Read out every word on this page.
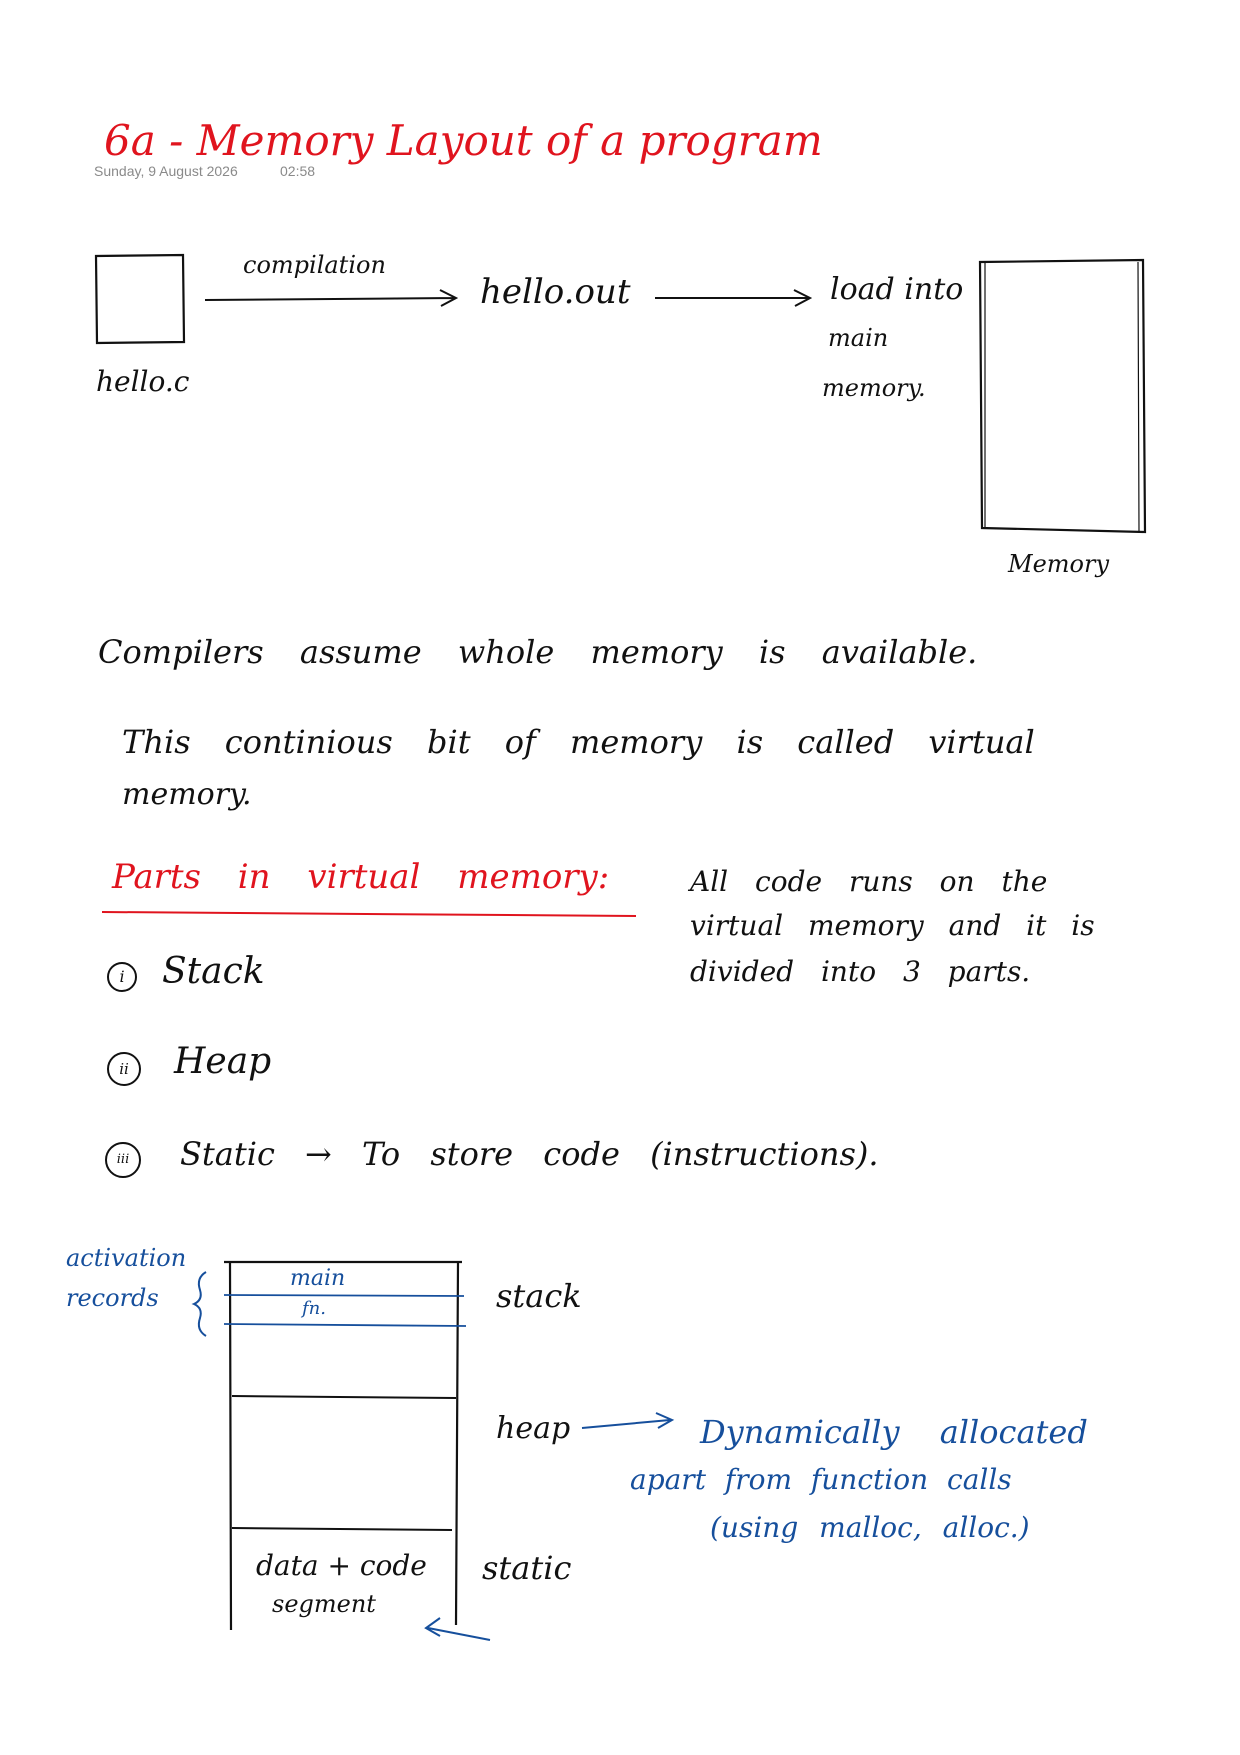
6a - Memory Layout of a program
Sunday, 9 August 2026	02:58
compilation
hello.out
hello.c
load into
main
memory.
Memory
Compilers assume whole memory is available.
This continious bit of memory is called virtual
memory.
Parts in virtual memory:	All code runs on the
virtual memory and it is
divided into 3 parts.
i	Stack
ii	Heap
iii	Static → To store code (instructions).
activation
records
main
fn.
data + code
segment
stack
heap
static
Dynamically allocated
apart from function calls
(using malloc, alloc.)
